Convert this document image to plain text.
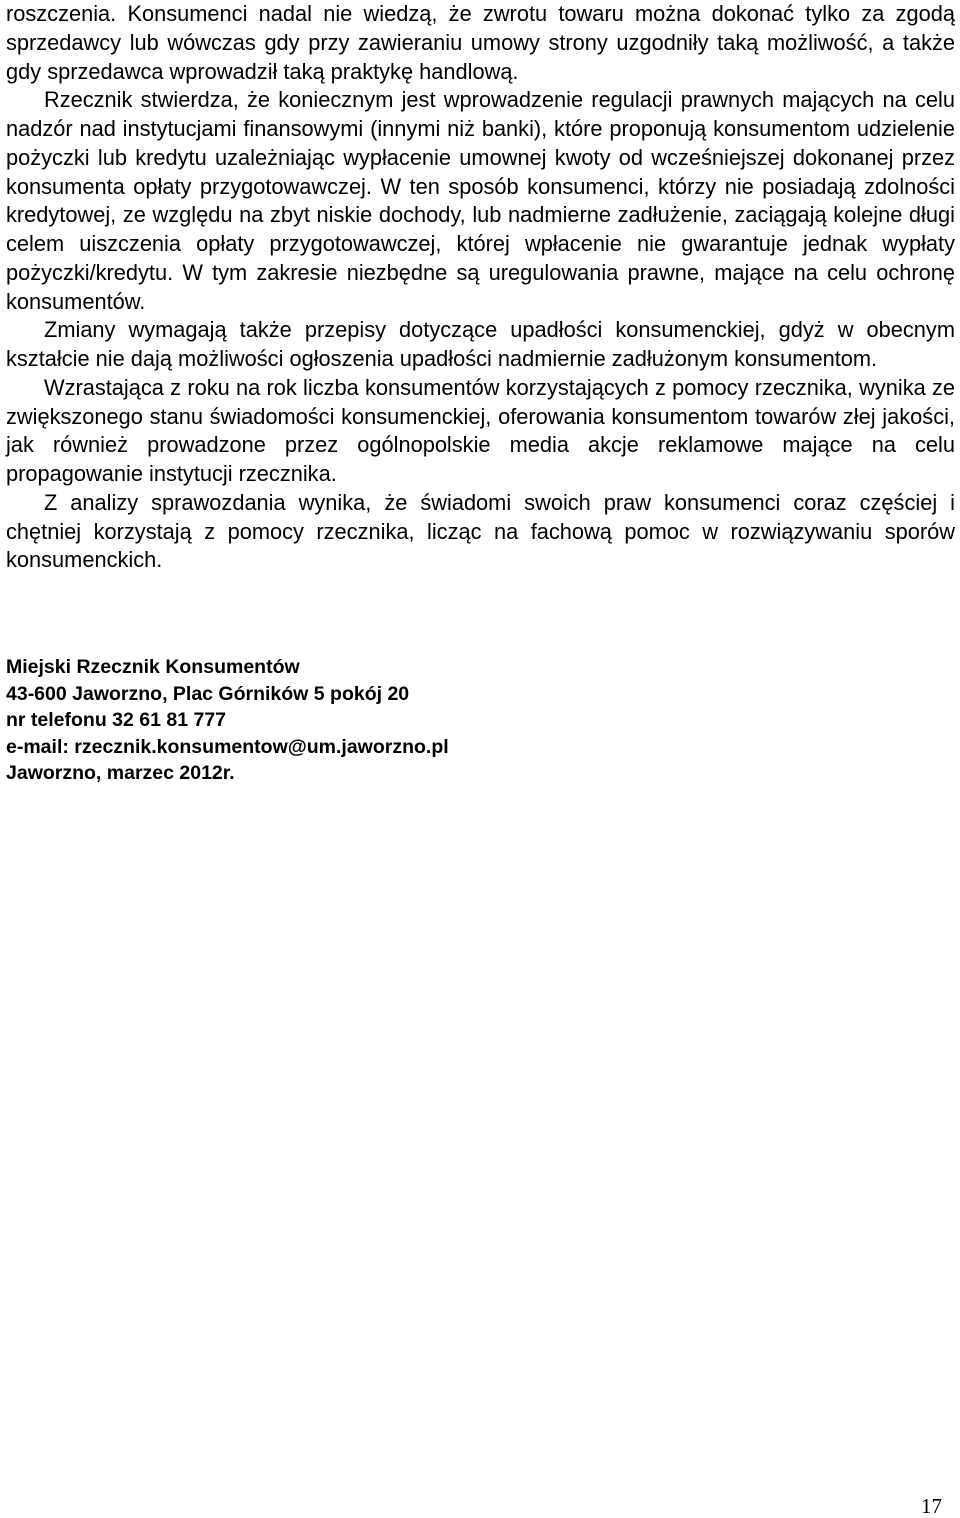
roszczenia. Konsumenci nadal nie wiedzą, że zwrotu towaru można dokonać tylko za zgodą sprzedawcy lub wówczas gdy przy zawieraniu umowy strony uzgodniły taką możliwość, a także gdy sprzedawca wprowadził taką praktykę handlową.

Rzecznik stwierdza, że koniecznym jest wprowadzenie regulacji prawnych mających na celu nadzór nad instytucjami finansowymi (innymi niż banki), które proponują konsumentom udzielenie pożyczki lub kredytu uzależniając wypłacenie umownej kwoty od wcześniejszej dokonanej przez konsumenta opłaty przygotowawczej. W ten sposób konsumenci, którzy nie posiadają zdolności kredytowej, ze względu na zbyt niskie dochody, lub nadmierne zadłużenie, zaciągają kolejne długi celem uiszczenia opłaty przygotowawczej, której wpłacenie nie gwarantuje jednak wypłaty pożyczki/kredytu. W tym zakresie niezbędne są uregulowania prawne, mające na celu ochronę konsumentów.

Zmiany wymagają także przepisy dotyczące upadłości konsumenckiej, gdyż w obecnym kształcie nie dają możliwości ogłoszenia upadłości nadmiernie zadłużonym konsumentom.

Wzrastająca z roku na rok liczba konsumentów korzystających z pomocy rzecznika, wynika ze zwiększonego stanu świadomości konsumenckiej, oferowania konsumentom towarów złej jakości, jak również prowadzone przez ogólnopolskie media akcje reklamowe mające na celu propagowanie instytucji rzecznika.

Z analizy sprawozdania wynika, że świadomi swoich praw konsumenci coraz częściej i chętniej korzystają z pomocy rzecznika, licząc na fachową pomoc w rozwiązywaniu sporów konsumenckich.

Miejski Rzecznik Konsumentów
43-600 Jaworzno, Plac Górników 5 pokój 20
nr telefonu 32 61 81 777
e-mail: rzecznik.konsumentow@um.jaworzno.pl
Jaworzno, marzec 2012r.
17
